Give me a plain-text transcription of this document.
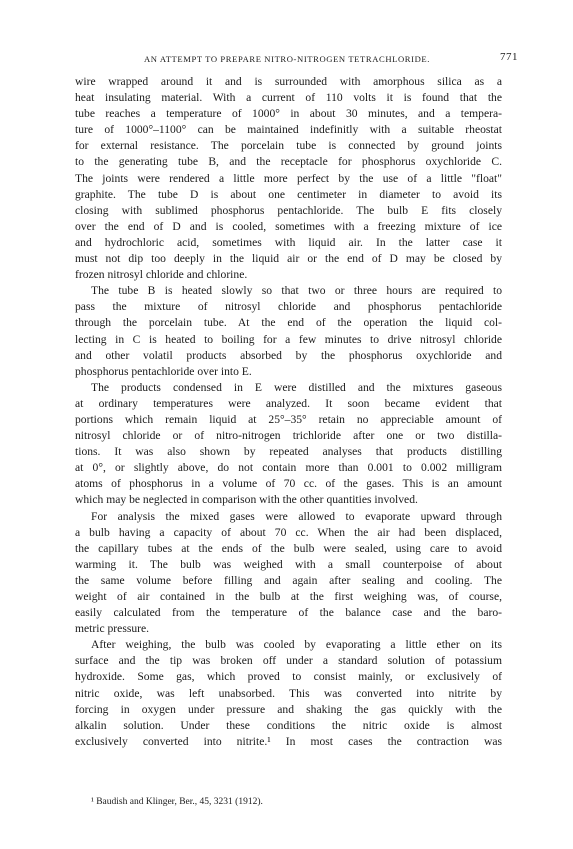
AN ATTEMPT TO PREPARE NITRO-NITROGEN TETRACHLORIDE.	771
wire wrapped around it and is surrounded with amorphous silica as a
heat insulating material. With a current of 110 volts it is found that the
tube reaches a temperature of 1000° in about 30 minutes, and a tempera-
ture of 1000°–1100° can be maintained indefinitly with a suitable rheostat
for external resistance. The porcelain tube is connected by ground joints
to the generating tube B, and the receptacle for phosphorus oxychloride C.
The joints were rendered a little more perfect by the use of a little "float"
graphite. The tube D is about one centimeter in diameter to avoid its
closing with sublimed phosphorus pentachloride. The bulb E fits closely
over the end of D and is cooled, sometimes with a freezing mixture of ice
and hydrochloric acid, sometimes with liquid air. In the latter case it
must not dip too deeply in the liquid air or the end of D may be closed by
frozen nitrosyl chloride and chlorine.
The tube B is heated slowly so that two or three hours are required to
pass the mixture of nitrosyl chloride and phosphorus pentachloride
through the porcelain tube. At the end of the operation the liquid col-
lecting in C is heated to boiling for a few minutes to drive nitrosyl chloride
and other volatil products absorbed by the phosphorus oxychloride and
phosphorus pentachloride over into E.
The products condensed in E were distilled and the mixtures gaseous
at ordinary temperatures were analyzed. It soon became evident that
portions which remain liquid at 25°–35° retain no appreciable amount of
nitrosyl chloride or of nitro-nitrogen trichloride after one or two distilla-
tions. It was also shown by repeated analyses that products distilling
at 0°, or slightly above, do not contain more than 0.001 to 0.002 milligram
atoms of phosphorus in a volume of 70 cc. of the gases. This is an amount
which may be neglected in comparison with the other quantities involved.
For analysis the mixed gases were allowed to evaporate upward through
a bulb having a capacity of about 70 cc. When the air had been displaced,
the capillary tubes at the ends of the bulb were sealed, using care to avoid
warming it. The bulb was weighed with a small counterpoise of about
the same volume before filling and again after sealing and cooling. The
weight of air contained in the bulb at the first weighing was, of course,
easily calculated from the temperature of the balance case and the baro-
metric pressure.
After weighing, the bulb was cooled by evaporating a little ether on its
surface and the tip was broken off under a standard solution of potassium
hydroxide. Some gas, which proved to consist mainly, or exclusively of
nitric oxide, was left unabsorbed. This was converted into nitrite by
forcing in oxygen under pressure and shaking the gas quickly with the
alkalin solution. Under these conditions the nitric oxide is almost
exclusively converted into nitrite.¹ In most cases the contraction was
¹ Baudish and Klinger, Ber., 45, 3231 (1912).
